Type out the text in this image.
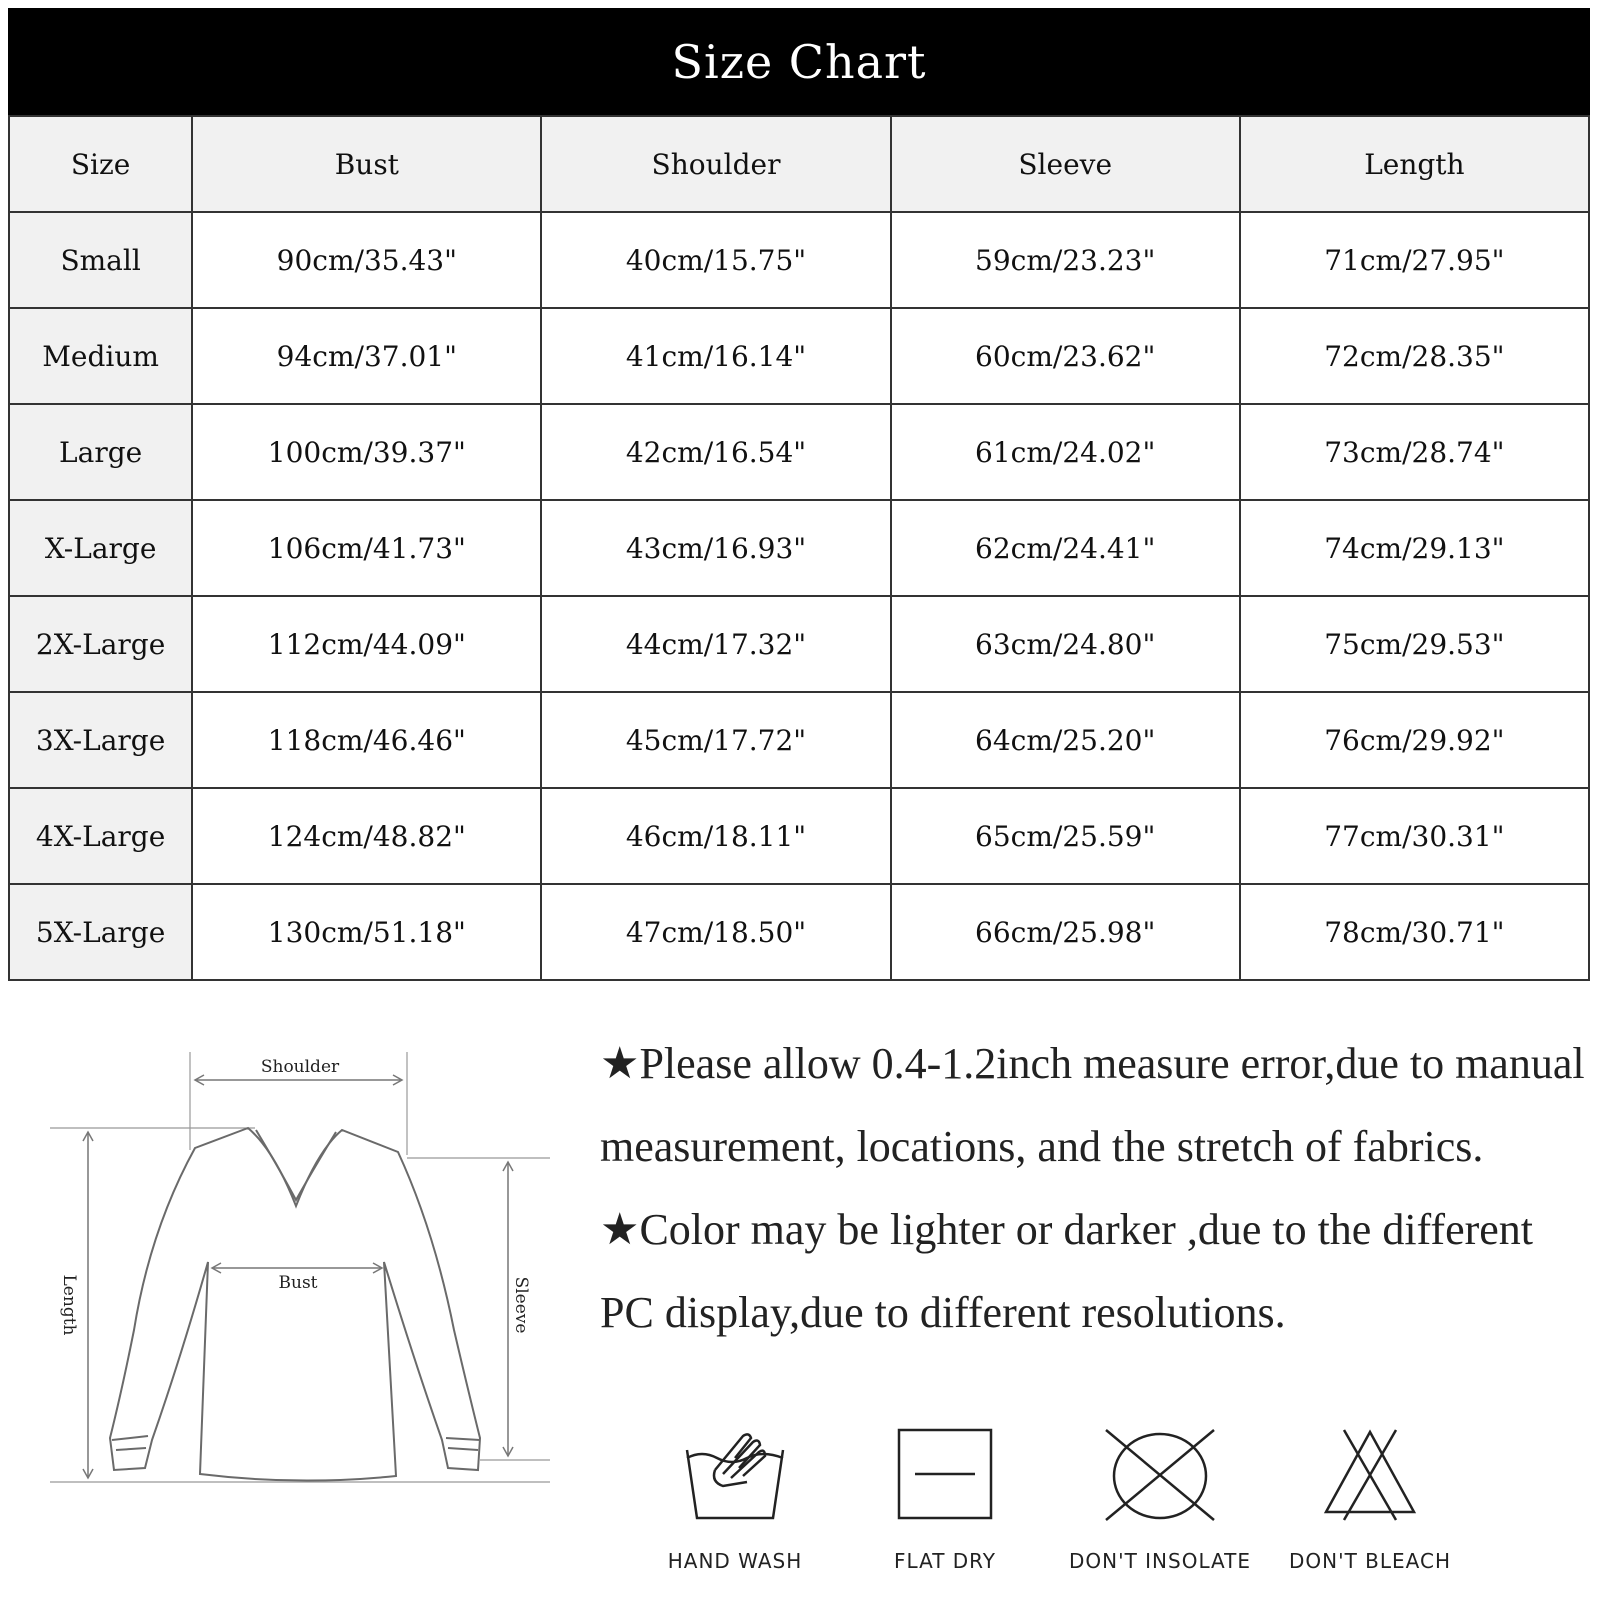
Size Chart
Size	Bust	Shoulder	Sleeve	Length
Small	90cm/35.43"	40cm/15.75"	59cm/23.23"	71cm/27.95"
Medium	94cm/37.01"	41cm/16.14"	60cm/23.62"	72cm/28.35"
Large	100cm/39.37"	42cm/16.54"	61cm/24.02"	73cm/28.74"
X-Large	106cm/41.73"	43cm/16.93"	62cm/24.41"	74cm/29.13"
2X-Large	112cm/44.09"	44cm/17.32"	63cm/24.80"	75cm/29.53"
3X-Large	118cm/46.46"	45cm/17.72"	64cm/25.20"	76cm/29.92"
4X-Large	124cm/48.82"	46cm/18.11"	65cm/25.59"	77cm/30.31"
5X-Large	130cm/51.18"	47cm/18.50"	66cm/25.98"	78cm/30.71"
Shoulder
Bust
Length	Sleeve

★Please allow 0.4-1.2inch measure error,due to manual measurement, locations, and the stretch of fabrics.

★Color may be lighter or darker ,due to the different PC display,due to different resolutions.

HAND WASH	FLAT DRY	DON'T INSOLATE	DON'T BLEACH
